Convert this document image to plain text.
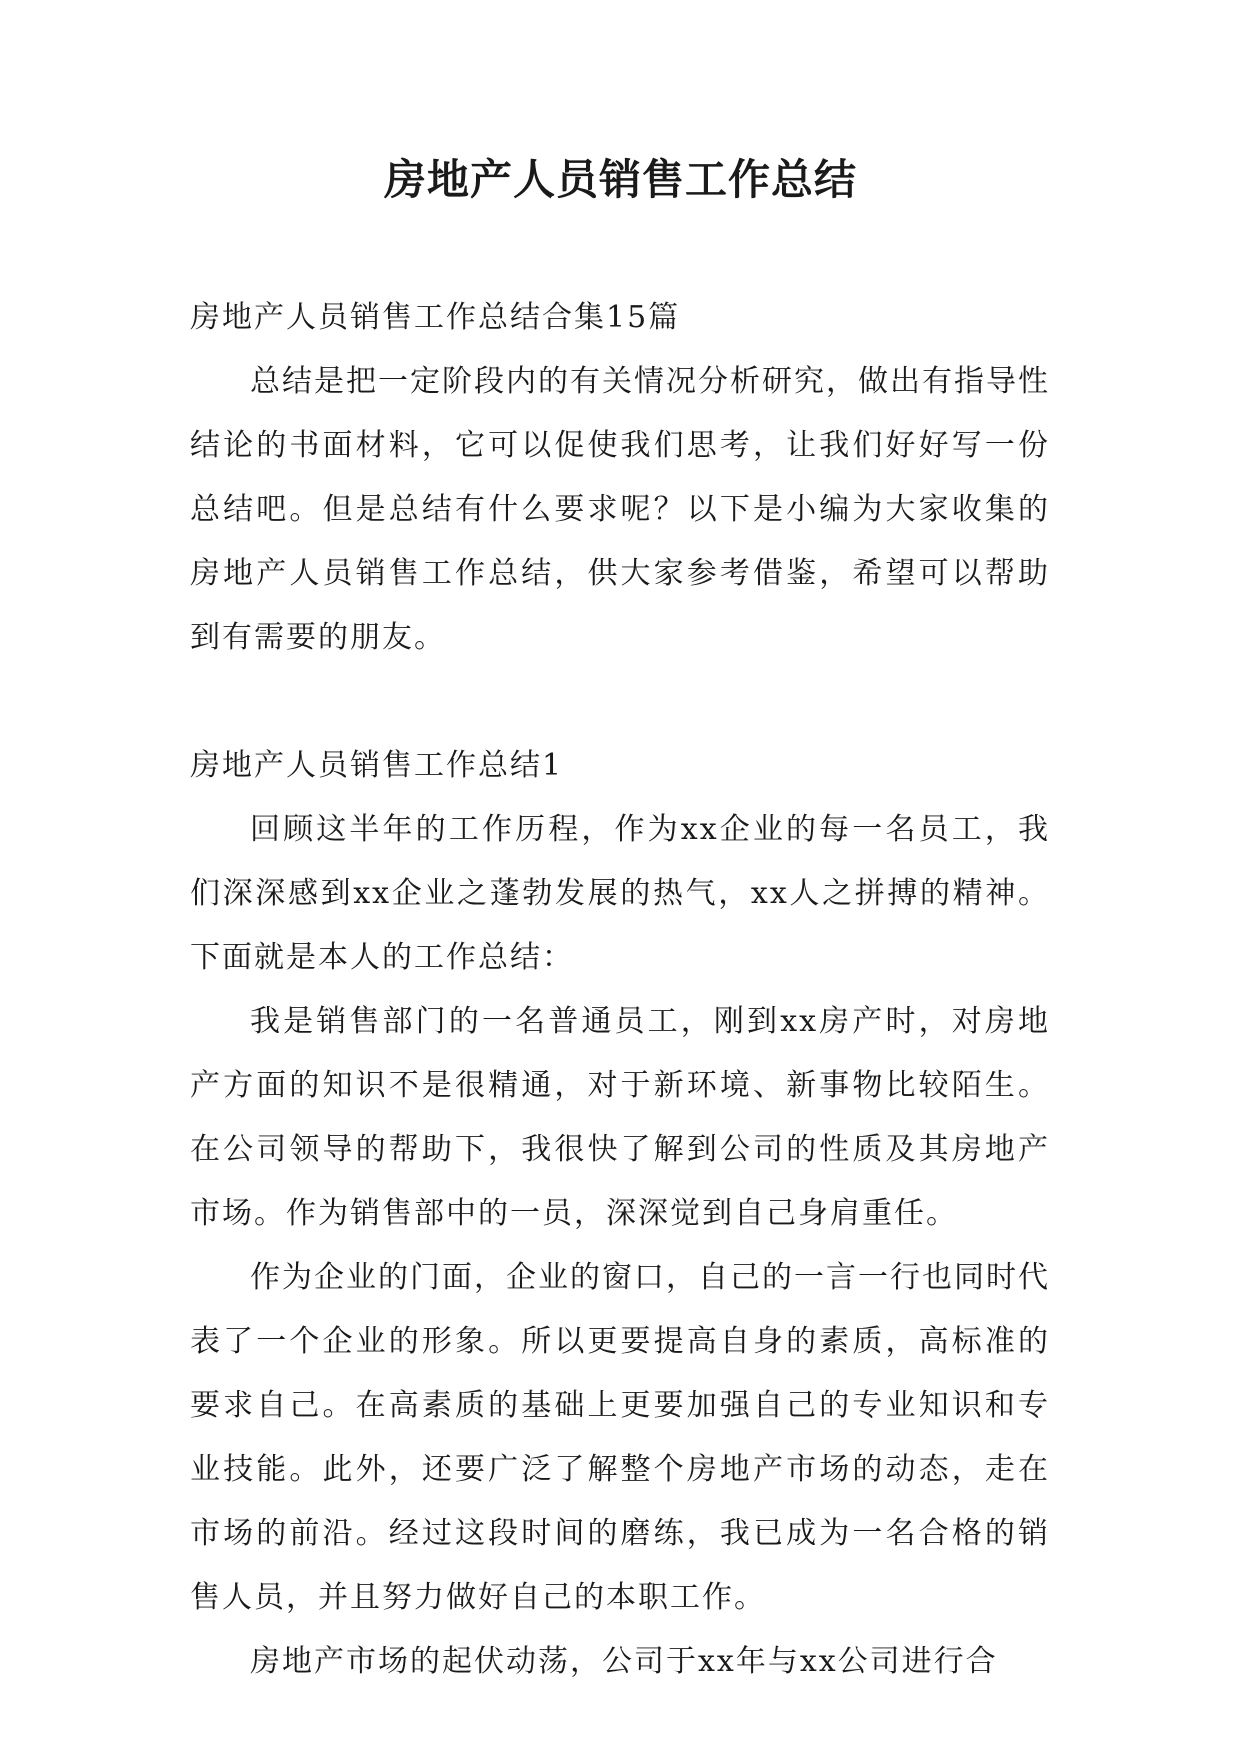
房地产人员销售工作总结

房地产人员销售工作总结合集15篇

总结是把一定阶段内的有关情况分析研究，做出有指导性结论的书面材料，它可以促使我们思考，让我们好好写一份总结吧。但是总结有什么要求呢？以下是小编为大家收集的房地产人员销售工作总结，供大家参考借鉴，希望可以帮助到有需要的朋友。

房地产人员销售工作总结1

回顾这半年的工作历程，作为xx企业的每一名员工，我们深深感到xx企业之蓬勃发展的热气，xx人之拼搏的精神。下面就是本人的工作总结：

我是销售部门的一名普通员工，刚到xx房产时，对房地产方面的知识不是很精通，对于新环境、新事物比较陌生。在公司领导的帮助下，我很快了解到公司的性质及其房地产市场。作为销售部中的一员，深深觉到自己身肩重任。

作为企业的门面，企业的窗口，自己的一言一行也同时代表了一个企业的形象。所以更要提高自身的素质，高标准的要求自己。在高素质的基础上更要加强自己的专业知识和专业技能。此外，还要广泛了解整个房地产市场的动态，走在市场的前沿。经过这段时间的磨练，我已成为一名合格的销售人员，并且努力做好自己的本职工作。

房地产市场的起伏动荡，公司于xx年与xx公司进行合
